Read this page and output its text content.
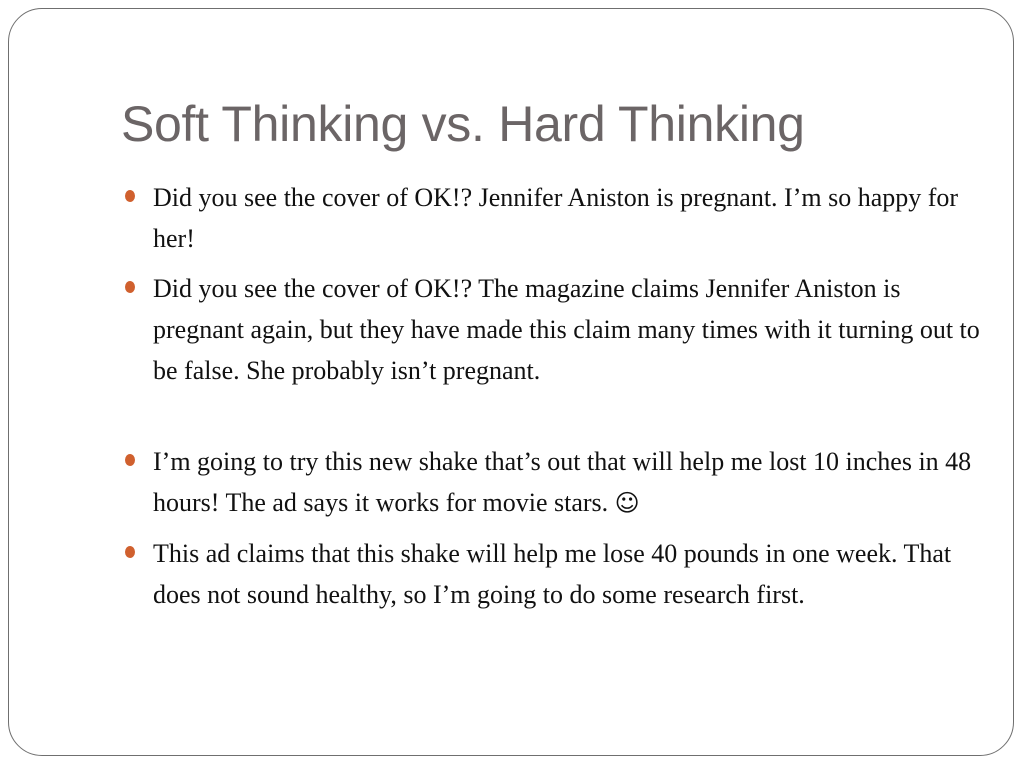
Soft Thinking vs. Hard Thinking
Did you see the cover of OK!? Jennifer Aniston is pregnant. I’m so happy for her!
Did you see the cover of OK!? The magazine claims Jennifer Aniston is pregnant again, but they have made this claim many times with it turning out to be false. She probably isn’t pregnant.
I’m going to try this new shake that’s out that will help me lost 10 inches in 48 hours! The ad says it works for movie stars. ☺
This ad claims that this shake will help me lose 40 pounds in one week. That does not sound healthy, so I’m going to do some research first.
